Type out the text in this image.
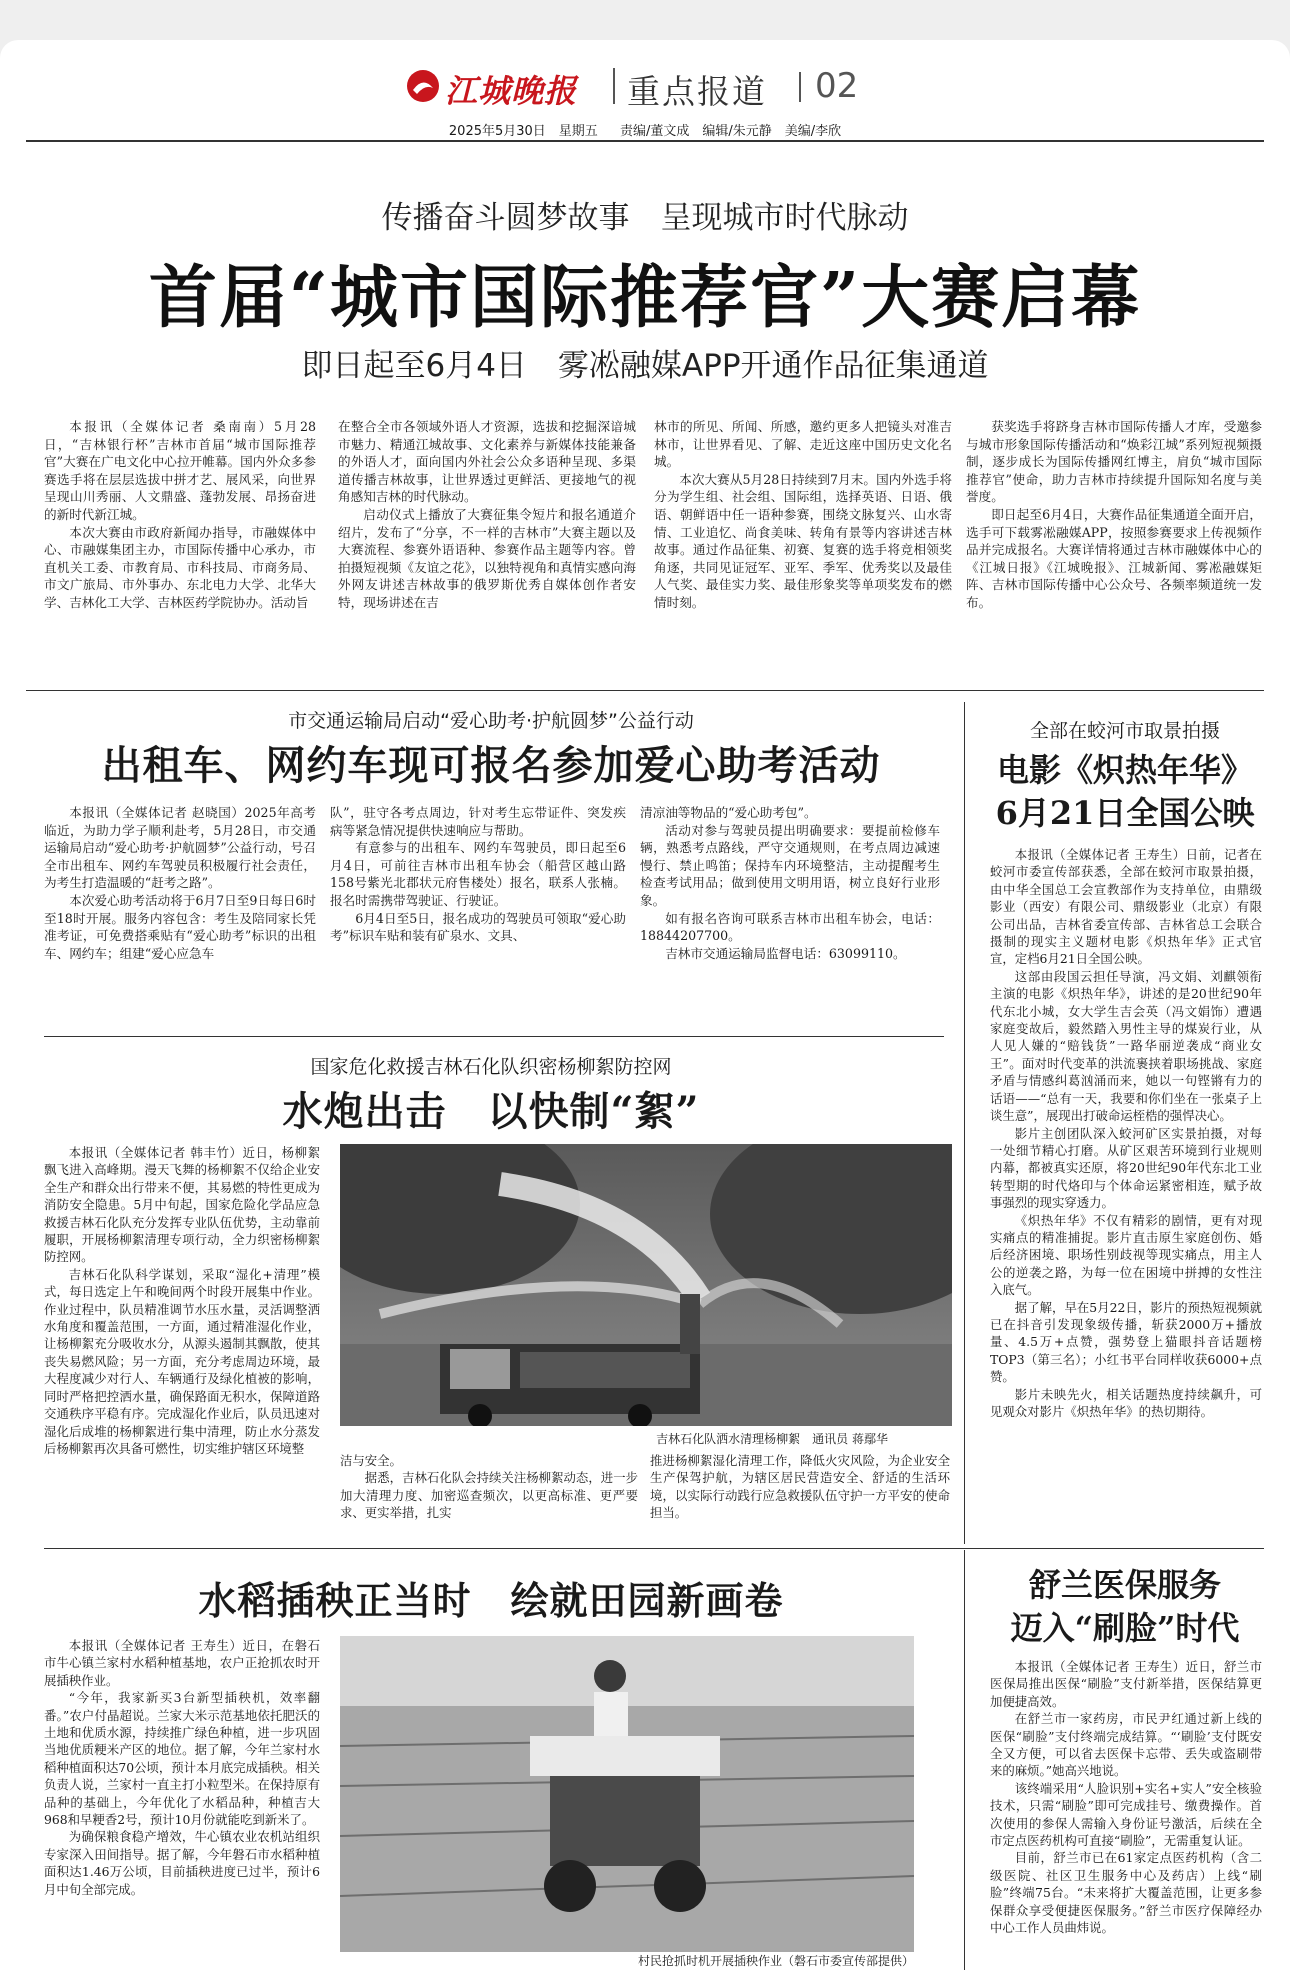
江城晚报 重点报道 02
2025年5月30日　星期五 责编/董文成　编辑/朱元静　美编/李欣
传播奋斗圆梦故事　呈现城市时代脉动
首届“城市国际推荐官”大赛启幕
即日起至6月4日　雾凇融媒APP开通作品征集通道

本报讯（全媒体记者 桑南南）5月28日，“吉林银行杯”吉林市首届“城市国际推荐官”大赛在广电文化中心拉开帷幕。国内外众多参赛选手将在层层选拔中拼才艺、展风采，向世界呈现山川秀丽、人文鼎盛、蓬勃发展、昂扬奋进的新时代新江城。

本次大赛由市政府新闻办指导，市融媒体中心、市融媒集团主办，市国际传播中心承办，市直机关工委、市教育局、市科技局、市商务局、市文广旅局、市外事办、东北电力大学、北华大学、吉林化工大学、吉林医药学院协办。活动旨

在整合全市各领域外语人才资源，选拔和挖掘深谙城市魅力、精通江城故事、文化素养与新媒体技能兼备的外语人才，面向国内外社会公众多语种呈现、多渠道传播吉林故事，让世界透过更鲜活、更接地气的视角感知吉林的时代脉动。

启动仪式上播放了大赛征集令短片和报名通道介绍片，发布了“分享，不一样的吉林市”大赛主题以及大赛流程、参赛外语语种、参赛作品主题等内容。曾拍摄短视频《友谊之花》，以独特视角和真情实感向海外网友讲述吉林故事的俄罗斯优秀自媒体创作者安特，现场讲述在吉

林市的所见、所闻、所感，邀约更多人把镜头对准吉林市，让世界看见、了解、走近这座中国历史文化名城。

本次大赛从5月28日持续到7月末。国内外选手将分为学生组、社会组、国际组，选择英语、日语、俄语、朝鲜语中任一语种参赛，围绕文脉复兴、山水寄情、工业追忆、尚食美味、转角有景等内容讲述吉林故事。通过作品征集、初赛、复赛的选手将竞相领奖角逐，共同见证冠军、亚军、季军、优秀奖以及最佳人气奖、最佳实力奖、最佳形象奖等单项奖发布的燃情时刻。

获奖选手将跻身吉林市国际传播人才库，受邀参与城市形象国际传播活动和“焕彩江城”系列短视频摄制，逐步成长为国际传播网红博主，肩负“城市国际推荐官”使命，助力吉林市持续提升国际知名度与美誉度。

即日起至6月4日，大赛作品征集通道全面开启，选手可下载雾凇融媒APP，按照参赛要求上传视频作品并完成报名。大赛详情将通过吉林市融媒体中心的《江城日报》《江城晚报》、江城新闻、雾凇融媒矩阵、吉林市国际传播中心公众号、各频率频道统一发布。

市交通运输局启动“爱心助考·护航圆梦”公益行动
出租车、网约车现可报名参加爱心助考活动

本报讯（全媒体记者 赵晓国）2025年高考临近，为助力学子顺利赴考，5月28日，市交通运输局启动“爱心助考·护航圆梦”公益行动，号召全市出租车、网约车驾驶员积极履行社会责任，为考生打造温暖的“赶考之路”。

本次爱心助考活动将于6月7日至9日每日6时至18时开展。服务内容包含：考生及陪同家长凭准考证，可免费搭乘贴有“爱心助考”标识的出租车、网约车；组建“爱心应急车

队”，驻守各考点周边，针对考生忘带证件、突发疾病等紧急情况提供快速响应与帮助。

有意参与的出租车、网约车驾驶员，即日起至6月4日，可前往吉林市出租车协会（船营区越山路158号紫光北郡状元府售楼处）报名，联系人张楠。报名时需携带驾驶证、行驶证。

6月4日至5日，报名成功的驾驶员可领取“爱心助考”标识车贴和装有矿泉水、文具、

清凉油等物品的“爱心助考包”。

活动对参与驾驶员提出明确要求：要提前检修车辆，熟悉考点路线，严守交通规则，在考点周边减速慢行、禁止鸣笛；保持车内环境整洁，主动提醒考生检查考试用品；做到使用文明用语，树立良好行业形象。

如有报名咨询可联系吉林市出租车协会，电话：18844207700。

吉林市交通运输局监督电话：63099110。

全部在蛟河市取景拍摄
电影《炽热年华》
6月21日全国公映

本报讯（全媒体记者 王寿生）日前，记者在蛟河市委宣传部获悉，全部在蛟河市取景拍摄，由中华全国总工会宣教部作为支持单位，由鼎级影业（西安）有限公司、鼎级影业（北京）有限公司出品，吉林省委宣传部、吉林省总工会联合摄制的现实主义题材电影《炽热年华》正式官宣，定档6月21日全国公映。

这部由段国云担任导演，冯文娟、刘麒领衔主演的电影《炽热年华》，讲述的是20世纪90年代东北小城，女大学生吉会英（冯文娟饰）遭遇家庭变故后，毅然踏入男性主导的煤炭行业，从人见人嫌的“赔钱货”一路华丽逆袭成“商业女王”。面对时代变革的洪流裹挟着职场挑战、家庭矛盾与情感纠葛汹涌而来，她以一句铿锵有力的话语——“总有一天，我要和你们坐在一张桌子上谈生意”，展现出打破命运桎梏的强悍决心。

影片主创团队深入蛟河矿区实景拍摄，对每一处细节精心打磨。从矿区艰苦环境到行业规则内幕，都被真实还原，将20世纪90年代东北工业转型期的时代烙印与个体命运紧密相连，赋予故事强烈的现实穿透力。

《炽热年华》不仅有精彩的剧情，更有对现实痛点的精准捕捉。影片直击原生家庭创伤、婚后经济困境、职场性别歧视等现实痛点，用主人公的逆袭之路，为每一位在困境中拼搏的女性注入底气。

据了解，早在5月22日，影片的预热短视频就已在抖音引发现象级传播，斩获2000万+播放量、4.5万+点赞，强势登上猫眼抖音话题榜TOP3（第三名）；小红书平台同样收获6000+点赞。

影片未映先火，相关话题热度持续飙升，可见观众对影片《炽热年华》的热切期待。

国家危化救援吉林石化队织密杨柳絮防控网
水炮出击　以快制“絮”

本报讯（全媒体记者 韩丰竹）近日，杨柳絮飘飞进入高峰期。漫天飞舞的杨柳絮不仅给企业安全生产和群众出行带来不便，其易燃的特性更成为消防安全隐患。5月中旬起，国家危险化学品应急救援吉林石化队充分发挥专业队伍优势，主动靠前履职，开展杨柳絮清理专项行动，全力织密杨柳絮防控网。

吉林石化队科学谋划，采取“湿化+清理”模式，每日选定上午和晚间两个时段开展集中作业。作业过程中，队员精准调节水压水量，灵活调整洒水角度和覆盖范围，一方面，通过精准湿化作业，让杨柳絮充分吸收水分，从源头遏制其飘散，使其丧失易燃风险；另一方面，充分考虑周边环境，最大程度减少对行人、车辆通行及绿化植被的影响，同时严格把控洒水量，确保路面无积水，保障道路交通秩序平稳有序。完成湿化作业后，队员迅速对湿化后成堆的杨柳絮进行集中清理，防止水分蒸发后杨柳絮再次具备可燃性，切实维护辖区环境整

吉林石化队洒水清理杨柳絮　通讯员 蒋鄢华

洁与安全。

据悉，吉林石化队会持续关注杨柳絮动态，进一步加大清理力度、加密巡查频次，以更高标准、更严要求、更实举措，扎实

推进杨柳絮湿化清理工作，降低火灾风险，为企业安全生产保驾护航，为辖区居民营造安全、舒适的生活环境，以实际行动践行应急救援队伍守护一方平安的使命担当。

水稻插秧正当时　绘就田园新画卷

本报讯（全媒体记者 王寿生）近日，在磐石市牛心镇兰家村水稻种植基地，农户正抢抓农时开展插秧作业。

“今年，我家新买3台新型插秧机，效率翻番。”农户付晶超说。兰家大米示范基地依托肥沃的土地和优质水源，持续推广绿色种植，进一步巩固当地优质粳米产区的地位。据了解，今年兰家村水稻种植面积达70公顷，预计本月底完成插秧。相关负责人说，兰家村一直主打小粒型米。在保持原有品种的基础上，今年优化了水稻品种，种植吉大968和早粳香2号，预计10月份就能吃到新米了。

为确保粮食稳产增效，牛心镇农业农机站组织专家深入田间指导。据了解，今年磐石市水稻种植面积达1.46万公顷，目前插秧进度已过半，预计6月中旬全部完成。

村民抢抓时机开展插秧作业（磐石市委宣传部提供）
舒兰医保服务
迈入“刷脸”时代

本报讯（全媒体记者 王寿生）近日，舒兰市医保局推出医保“刷脸”支付新举措，医保结算更加便捷高效。

在舒兰市一家药房，市民尹红通过新上线的医保“刷脸”支付终端完成结算。“‘刷脸’支付既安全又方便，可以省去医保卡忘带、丢失或盗刷带来的麻烦。”她高兴地说。

该终端采用“人脸识别+实名+实人”安全核验技术，只需“刷脸”即可完成挂号、缴费操作。首次使用的参保人需输入身份证号激活，后续在全市定点医药机构可直接“刷脸”，无需重复认证。

目前，舒兰市已在61家定点医药机构（含二级医院、社区卫生服务中心及药店）上线“刷脸”终端75台。“未来将扩大覆盖范围，让更多参保群众享受便捷医保服务。”舒兰市医疗保障经办中心工作人员曲炜说。
